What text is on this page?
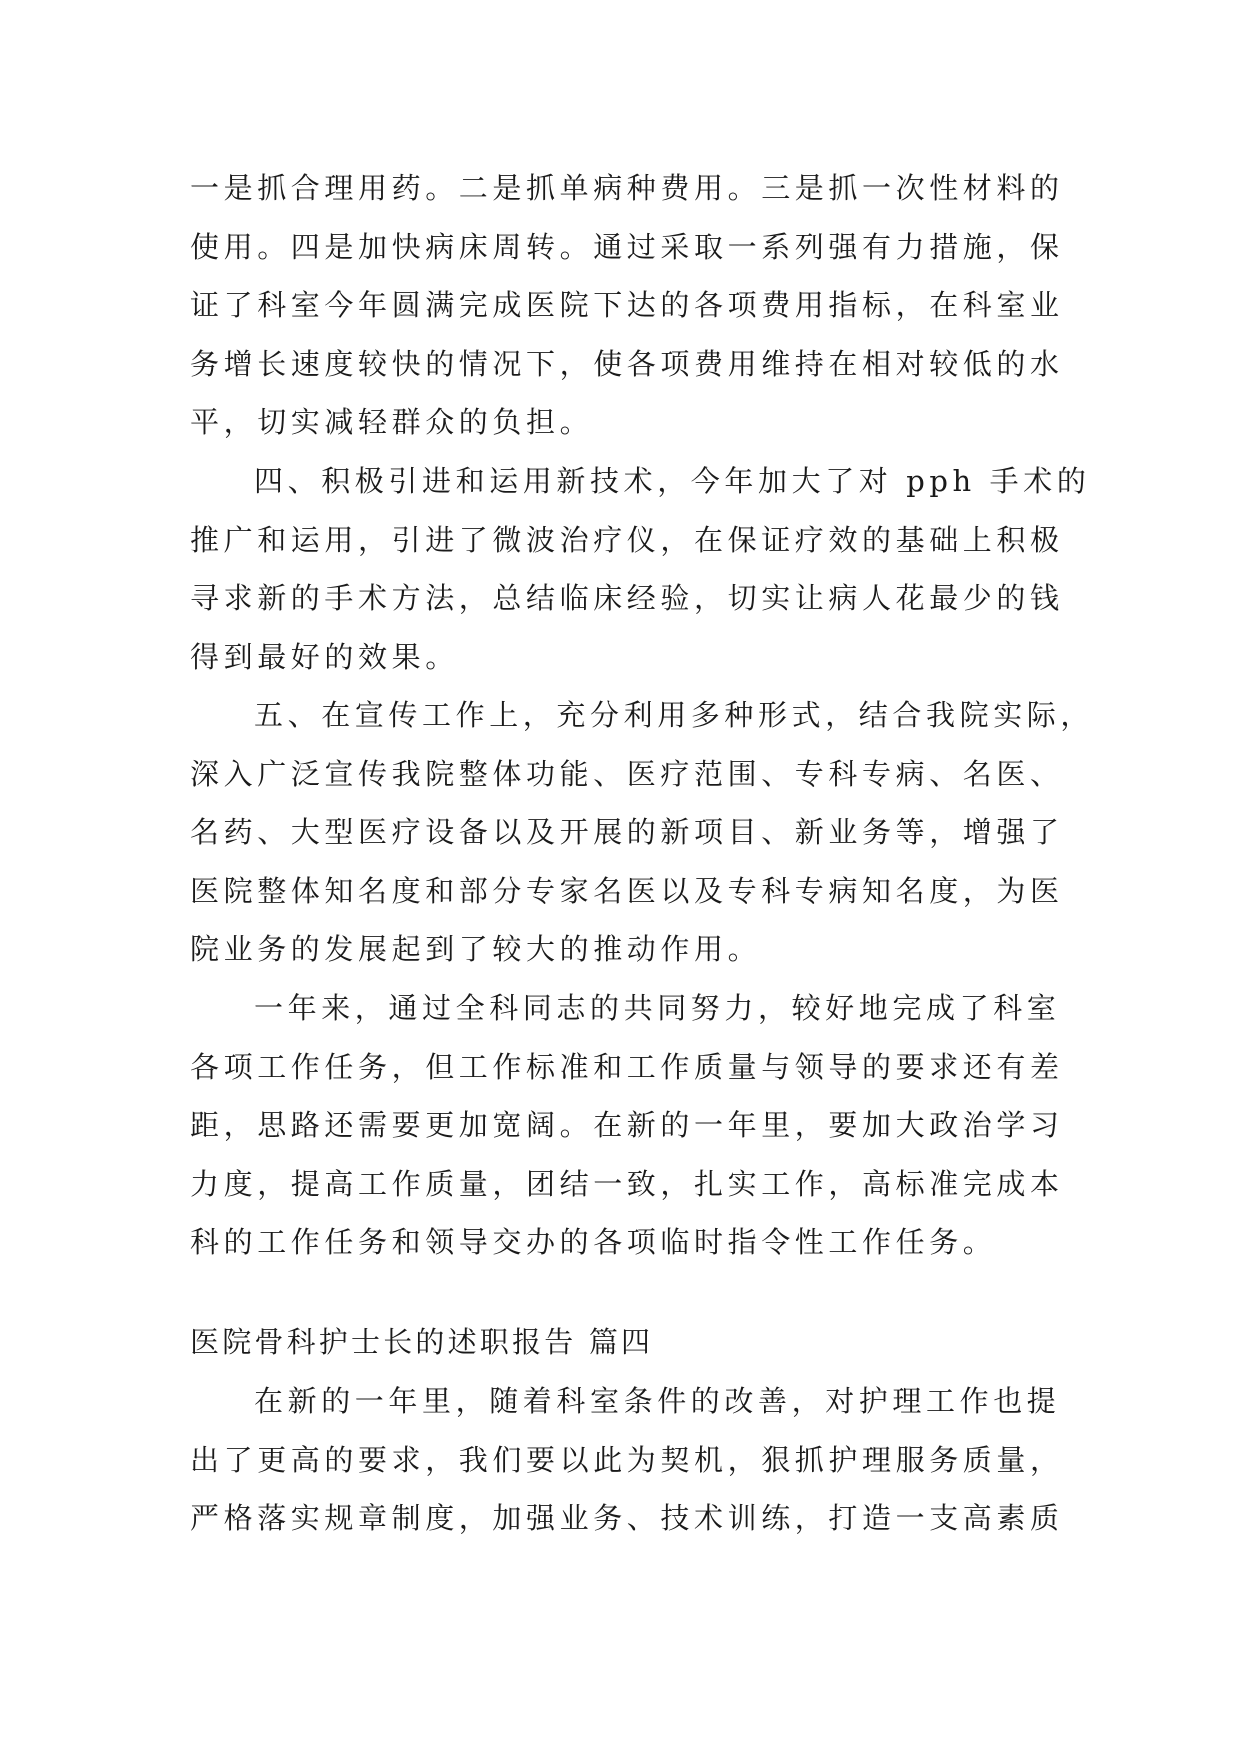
一是抓合理用药。二是抓单病种费用。三是抓一次性材料的
使用。四是加快病床周转。通过采取一系列强有力措施，保
证了科室今年圆满完成医院下达的各项费用指标，在科室业
务增长速度较快的情况下，使各项费用维持在相对较低的水
平，切实减轻群众的负担。
四、积极引进和运用新技术，今年加大了对 pph 手术的
推广和运用，引进了微波治疗仪，在保证疗效的基础上积极
寻求新的手术方法，总结临床经验，切实让病人花最少的钱
得到最好的效果。
五、在宣传工作上，充分利用多种形式，结合我院实际，
深入广泛宣传我院整体功能、医疗范围、专科专病、名医、
名药、大型医疗设备以及开展的新项目、新业务等，增强了
医院整体知名度和部分专家名医以及专科专病知名度，为医
院业务的发展起到了较大的推动作用。
一年来，通过全科同志的共同努力，较好地完成了科室
各项工作任务，但工作标准和工作质量与领导的要求还有差
距，思路还需要更加宽阔。在新的一年里，要加大政治学习
力度，提高工作质量，团结一致，扎实工作，高标准完成本
科的工作任务和领导交办的各项临时指令性工作任务。
医院骨科护士长的述职报告 篇四
在新的一年里，随着科室条件的改善，对护理工作也提
出了更高的要求，我们要以此为契机，狠抓护理服务质量，
严格落实规章制度，加强业务、技术训练，打造一支高素质
